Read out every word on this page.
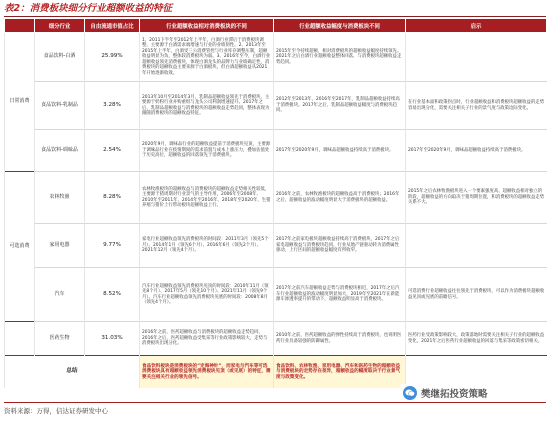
表2：消费板块细分行业超额收益的特征
	细分行业	自由流通市值占比	行业超额收益相对消费板块的不同	行业超额收益幅度与消费板块不同	启示
日常消费	食品饮料-白酒	25.99%	1、2011下半年至2012年上半年，白酒行业滞后于消费板块调整，主要源于白酒需求端增速与行业的业绩韧性。2、2013年至2015年上半年，白酒受三公消费管控与行业库存调整压制，超额收益明显为负，整体较消费板块为弱。3、2016年至今，白酒行业超额收益领先消费板块，体现白酒龙头的品牌力与业绩确定性，消费板块的超额收益主要来源于白酒板块，但白酒超额收益从2021年开始逐渐收敛。	2015年至今持续超额，相对消费板块的超额收益幅度持续领先。2021年之后白酒行业超额收益整体回落，与消费板块超额收益走势趋同。	
	食品饮料-乳制品	3.28%	2013年10月至2014年3月，乳制品超额收益领先于消费板块，主要源于奶粉行业并购重组与龙头公司利润增速提升。2017年之后，乳制品超额收益与消费板块的超额收益走势趋同，整体表现为跟随消费板块的超额收益特征。	2012年至2013年，2016年至2017年，乳制品超额收益持续高于消费板块。2017年之后，乳制品超额收益幅度与消费板块趋同。	在行业基本面和政策拐点时，行业超额收益和消费板块超额收益的走势容易出现分化，需要关注相关子行业的景气度与政策边际变化。
	食品饮料-调味品	2.54%	2020年9月，调味品行业的超额收益提前于消费板块见顶，主要源于调味品行业在疫情期间的需求前置与成本上涨压力，叠加估值处于历史高位，超额收益的回落领先于消费板块。	2017年至2020年9月，调味品超额收益持续高于消费板块。	2017年至2020年9月，调味品超额收益持续高于消费板块。
可选消费	农林牧渔	8.28%	农林牧渔板块的超额收益与消费板块的超额收益走势相关性较低，主要源于猪周期对行业景气的主导作用，2006年至2008年、2010年至2011年、2014年至2016年、2018年至2020年，生猪养殖与猪价上行带动板块超额收益上行。	2016年之前，农林牧渔板块的超额收益高于消费板块；2016年之后，超额收益的波动幅度明显大于消费板块的超额收益。	2015年之后农林牧渔板块进入一个要素强度高、超额收益相对独立的阶段，超额收益的方向取决于猪周期位置，和消费板块的超额收益走势关系不大。
	家用电器	9.77%	家电行业超额收益领先消费板块的时间段：2011年3月（领先5个月）、2014年1月（领先6个月）、2016年6月（领先2个月）、2021年12月（领先4个月）。	2017年之前家电板块超额收益持续高于消费板块，2017年之后家电超额收益与消费板块趋同，行业从地产链驱动转为消费属性驱动，上行区间的超额收益幅度有所收窄。	
	汽车	8.52%	汽车行业超额收益领先消费板块见顶的时间段：2010年11月（领先8个月）、2017年5月（领先10个月）、2021年11月（领先9个月）。汽车行业超额收益领先消费板块见底的时间段：2008年8月（领先4个月）。	2017年之前汽车超额收益走势与消费板块相近，2017年之后汽车行业超额收益的波动幅度明显加大，2019年至2021年在新能源车渗透率提升的带动下，超额收益明显高于消费板块。	可选消费行业超额收益往往领先于消费板块，可以作为消费板块超额收益见顶或见底的前瞻信号。
	医药生物	31.03%	2016年之前，医药超额收益与消费板块的超额收益走势趋同，2016年之后，医药超额收益受集采等行业政策影响较大，走势与消费板块出现分化。	2010年之前，医药超额收益的弹性持续高于消费板块，也说明医药行业具备较强的防御属性。	医药行业受政策影响较大，政策落地时需要关注相关子行业的超额收益变化，2021年之后医药行业超额收益的回落与集采等政策密切相关。
总结			食品饮料板块是消费板块的“定海神针”，而家电与汽车等可选消费板块具有超额收益领先消费板块见顶（或见底）的特征，需要关注相关行业的领先信号。	食品饮料、农林牧渔、家用电器、汽车和医药生物的超额收益与消费板块的走势存在差异，超额收益的幅度取决于行业景气度与政策变化。	
资料来源：万得，信达证券研发中心
樊继拓投资策略
